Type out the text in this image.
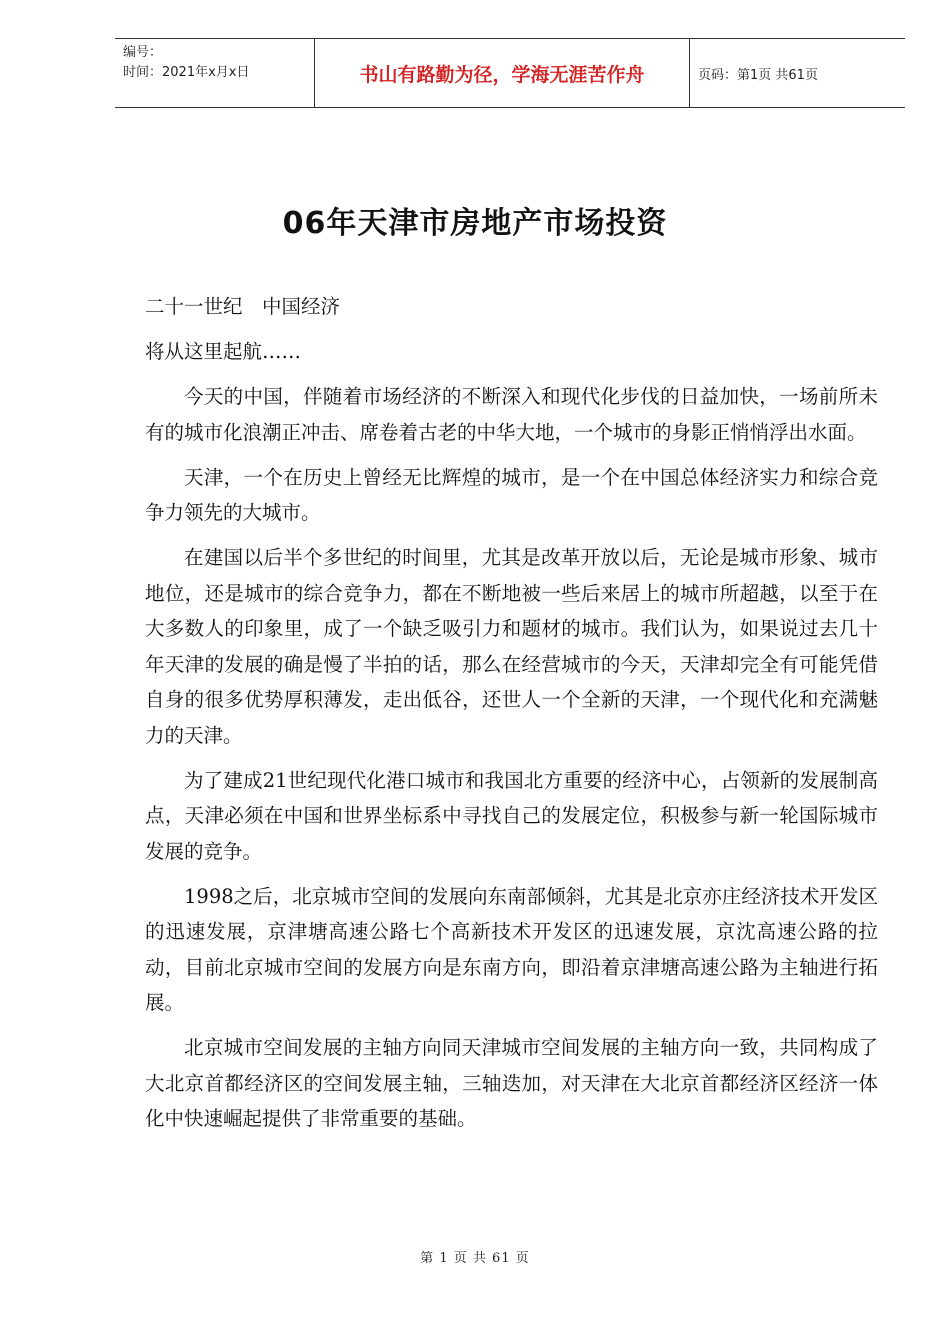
编号：
时间：2021年x月x日	书山有路勤为径，学海无涯苦作舟	页码：第1页 共61页
06年天津市房地产市场投资

二十一世纪　中国经济

将从这里起航……

今天的中国，伴随着市场经济的不断深入和现代化步伐的日益加快，一场前所未有的城市化浪潮正冲击、席卷着古老的中华大地，一个城市的身影正悄悄浮出水面。

天津，一个在历史上曾经无比辉煌的城市，是一个在中国总体经济实力和综合竞争力领先的大城市。

在建国以后半个多世纪的时间里，尤其是改革开放以后，无论是城市形象、城市地位，还是城市的综合竞争力，都在不断地被一些后来居上的城市所超越，以至于在大多数人的印象里，成了一个缺乏吸引力和题材的城市。我们认为，如果说过去几十年天津的发展的确是慢了半拍的话，那么在经营城市的今天，天津却完全有可能凭借自身的很多优势厚积薄发，走出低谷，还世人一个全新的天津，一个现代化和充满魅力的天津。

为了建成21世纪现代化港口城市和我国北方重要的经济中心，占领新的发展制高点，天津必须在中国和世界坐标系中寻找自己的发展定位，积极参与新一轮国际城市发展的竞争。

1998之后，北京城市空间的发展向东南部倾斜，尤其是北京亦庄经济技术开发区的迅速发展，京津塘高速公路七个高新技术开发区的迅速发展，京沈高速公路的拉动，目前北京城市空间的发展方向是东南方向，即沿着京津塘高速公路为主轴进行拓展。

北京城市空间发展的主轴方向同天津城市空间发展的主轴方向一致，共同构成了大北京首都经济区的空间发展主轴，三轴迭加，对天津在大北京首都经济区经济一体化中快速崛起提供了非常重要的基础。

第 1 页 共 61 页
